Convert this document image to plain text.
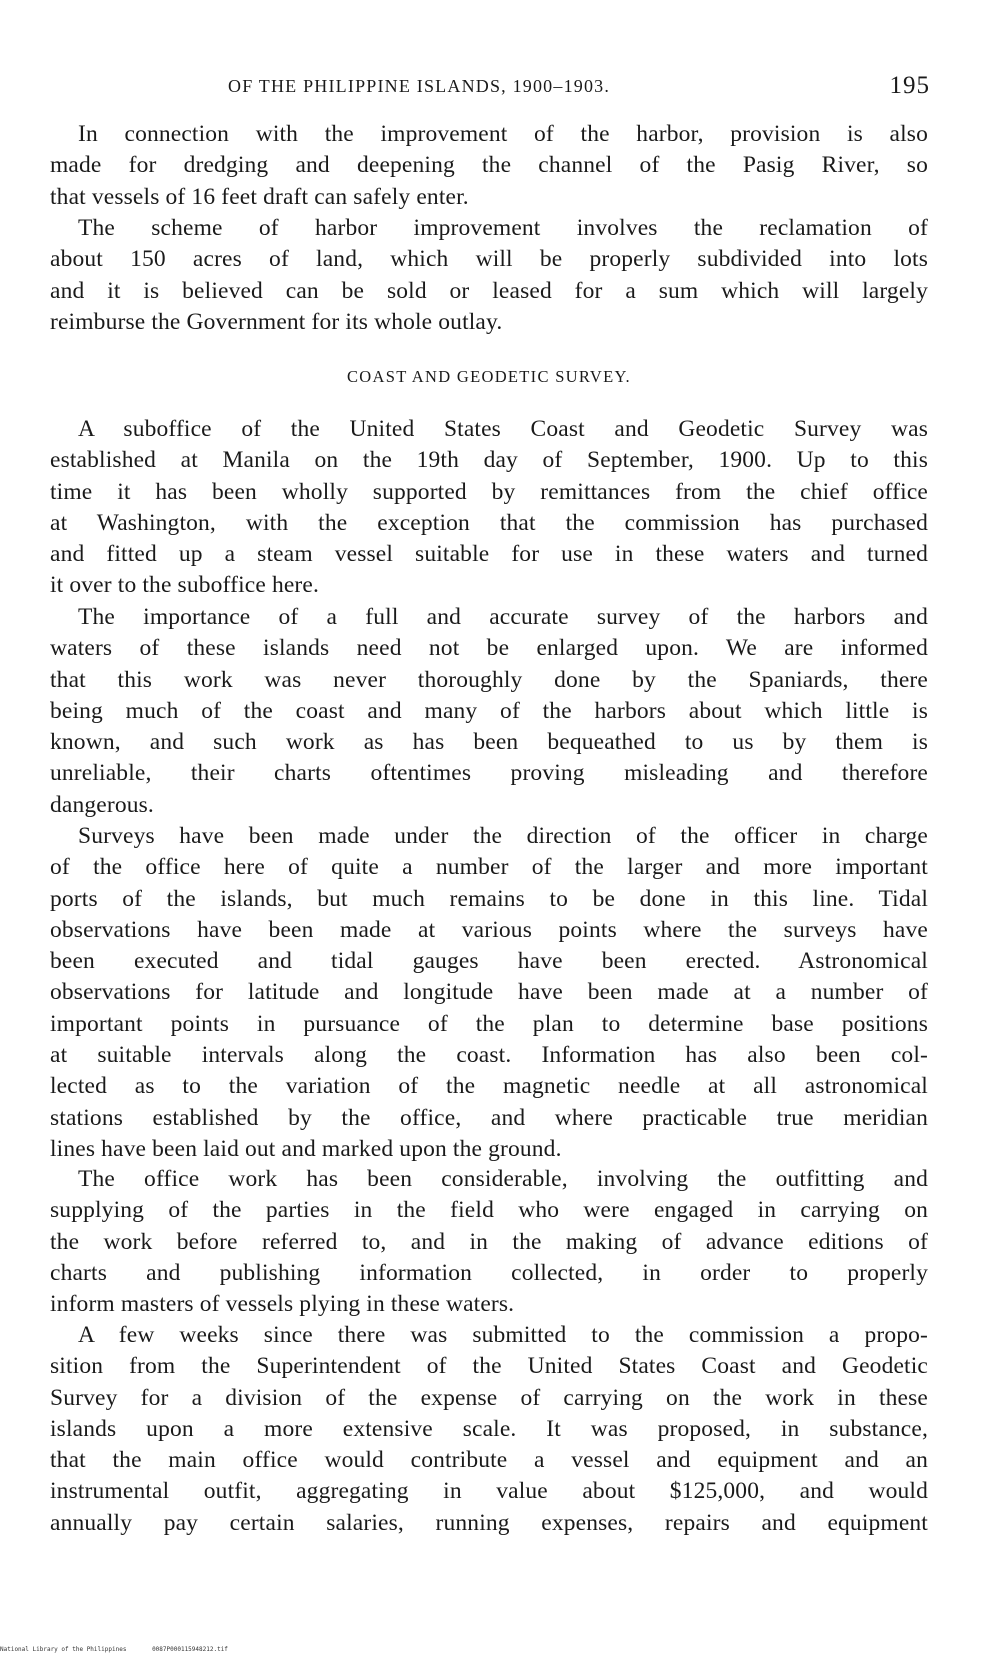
OF THE PHILIPPINE ISLANDS, 1900–1903.	195
In connection with the improvement of the harbor, provision is also
made for dredging and deepening the channel of the Pasig River, so
that vessels of 16 feet draft can safely enter.
The scheme of harbor improvement involves the reclamation of
about 150 acres of land, which will be properly subdivided into lots
and it is believed can be sold or leased for a sum which will largely
reimburse the Government for its whole outlay.
COAST AND GEODETIC SURVEY.
A suboffice of the United States Coast and Geodetic Survey was
established at Manila on the 19th day of September, 1900. Up to this
time it has been wholly supported by remittances from the chief office
at Washington, with the exception that the commission has purchased
and fitted up a steam vessel suitable for use in these waters and turned
it over to the suboffice here.
The importance of a full and accurate survey of the harbors and
waters of these islands need not be enlarged upon. We are informed
that this work was never thoroughly done by the Spaniards, there
being much of the coast and many of the harbors about which little is
known, and such work as has been bequeathed to us by them is
unreliable, their charts oftentimes proving misleading and therefore
dangerous.
Surveys have been made under the direction of the officer in charge
of the office here of quite a number of the larger and more important
ports of the islands, but much remains to be done in this line. Tidal
observations have been made at various points where the surveys have
been executed and tidal gauges have been erected. Astronomical
observations for latitude and longitude have been made at a number of
important points in pursuance of the plan to determine base positions
at suitable intervals along the coast. Information has also been col-
lected as to the variation of the magnetic needle at all astronomical
stations established by the office, and where practicable true meridian
lines have been laid out and marked upon the ground.
The office work has been considerable, involving the outfitting and
supplying of the parties in the field who were engaged in carrying on
the work before referred to, and in the making of advance editions of
charts and publishing information collected, in order to properly
inform masters of vessels plying in these waters.
A few weeks since there was submitted to the commission a propo-
sition from the Superintendent of the United States Coast and Geodetic
Survey for a division of the expense of carrying on the work in these
islands upon a more extensive scale. It was proposed, in substance,
that the main office would contribute a vessel and equipment and an
instrumental outfit, aggregating in value about $125,000, and would
annually pay certain salaries, running expenses, repairs and equipment
National Library of the Philippines	0087P000115948212.tif
